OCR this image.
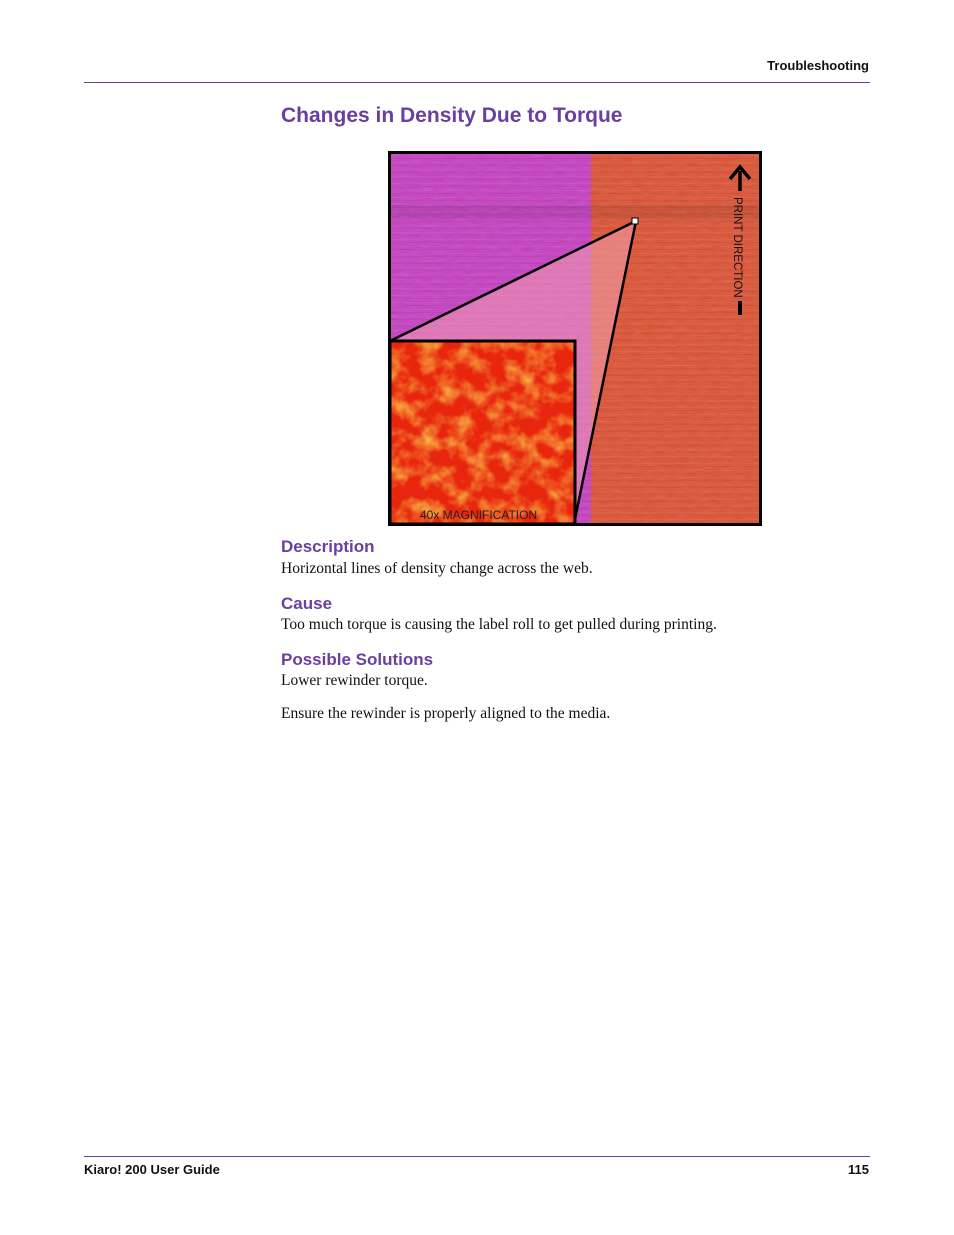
Troubleshooting
Changes in Density Due to Torque
40x MAGNIFICATION
PRINT DIRECTION
Description

Horizontal lines of density change across the web.

Cause

Too much torque is causing the label roll to get pulled during printing.

Possible Solutions

Lower rewinder torque.

Ensure the rewinder is properly aligned to the media.

Kiaro! 200 User Guide	115
